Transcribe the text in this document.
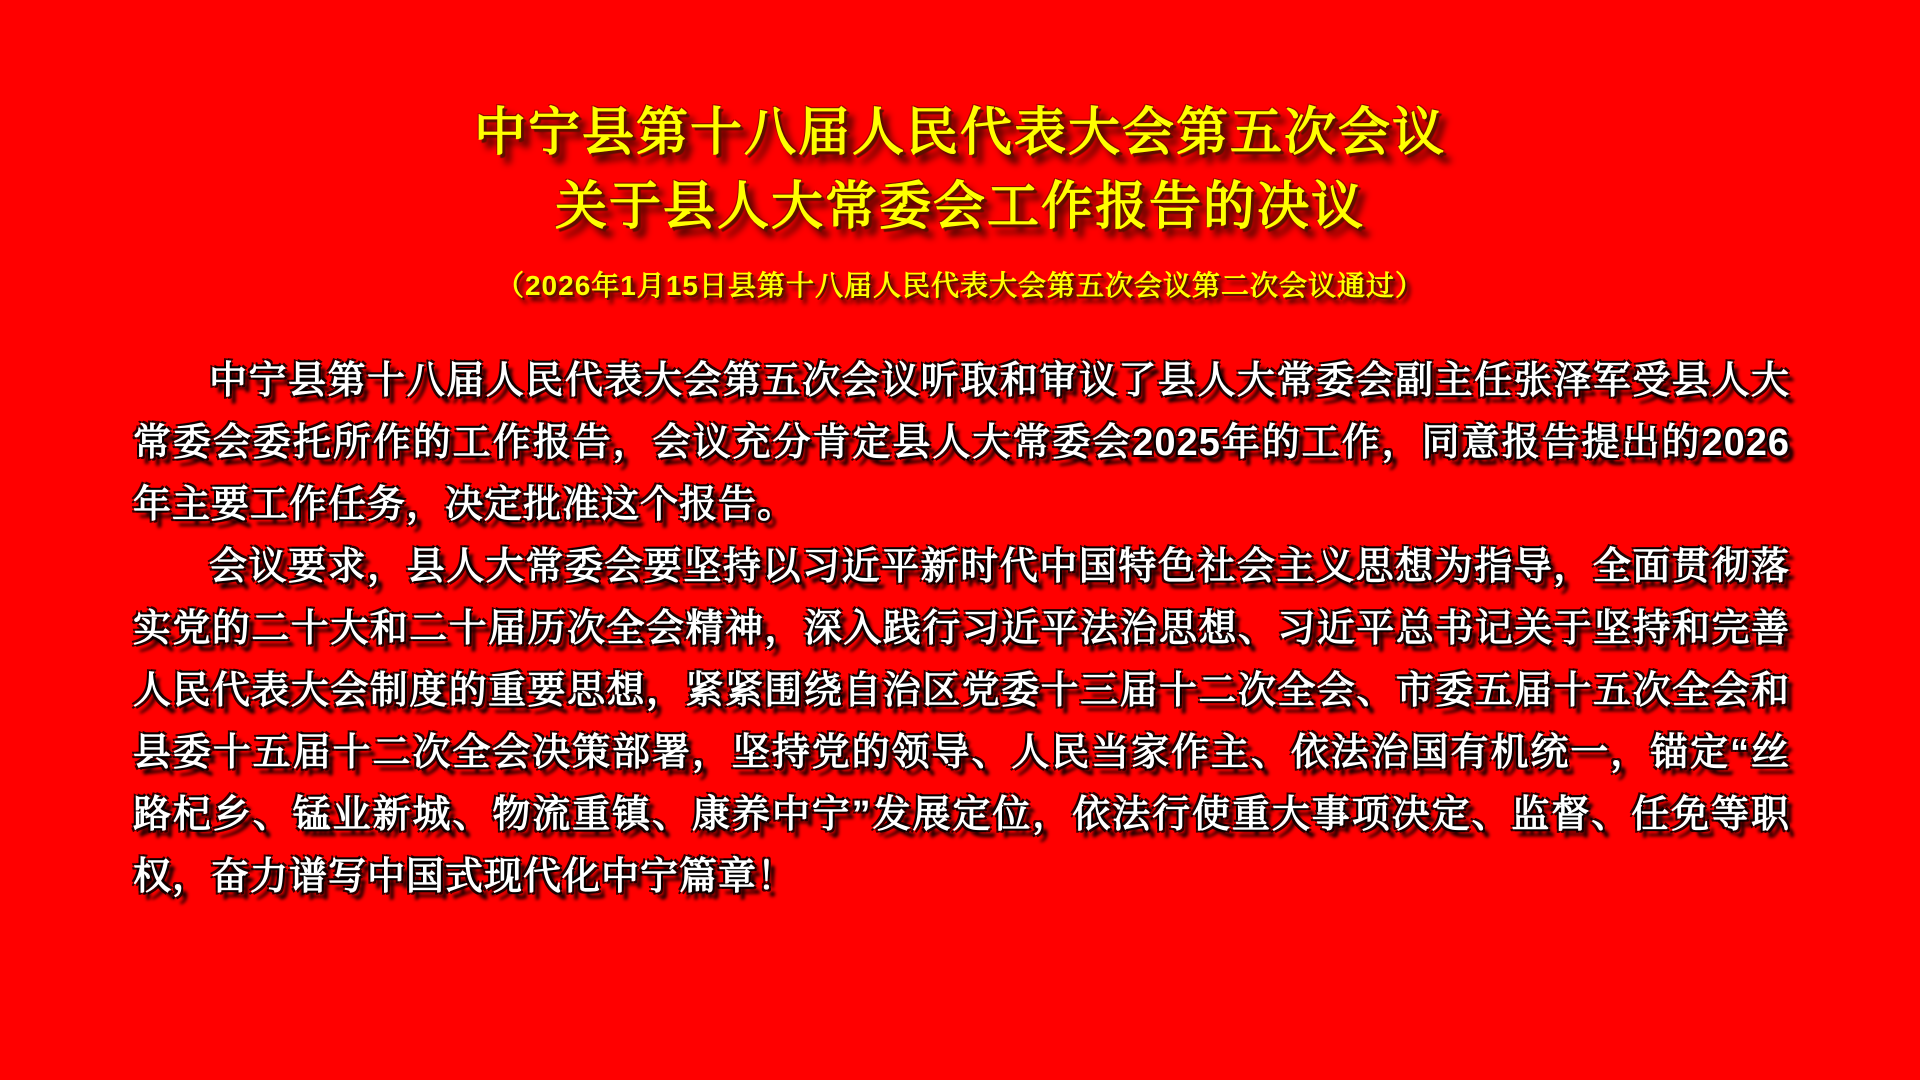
中宁县第十八届人民代表大会第五次会议
关于县人大常委会工作报告的决议
（2026年1月15日县第十八届人民代表大会第五次会议第二次会议通过）

中宁县第十八届人民代表大会第五次会议听取和审议了县人大常委会副主任张泽军受县人大常委会委托所作的工作报告，会议充分肯定县人大常委会2025年的工作，同意报告提出的2026年主要工作任务，决定批准这个报告。

会议要求，县人大常委会要坚持以习近平新时代中国特色社会主义思想为指导，全面贯彻落实党的二十大和二十届历次全会精神，深入践行习近平法治思想、习近平总书记关于坚持和完善人民代表大会制度的重要思想，紧紧围绕自治区党委十三届十二次全会、市委五届十五次全会和县委十五届十二次全会决策部署，坚持党的领导、人民当家作主、依法治国有机统一，锚定“丝路杞乡、锰业新城、物流重镇、康养中宁”发展定位，依法行使重大事项决定、监督、任免等职权，奋力谱写中国式现代化中宁篇章！
